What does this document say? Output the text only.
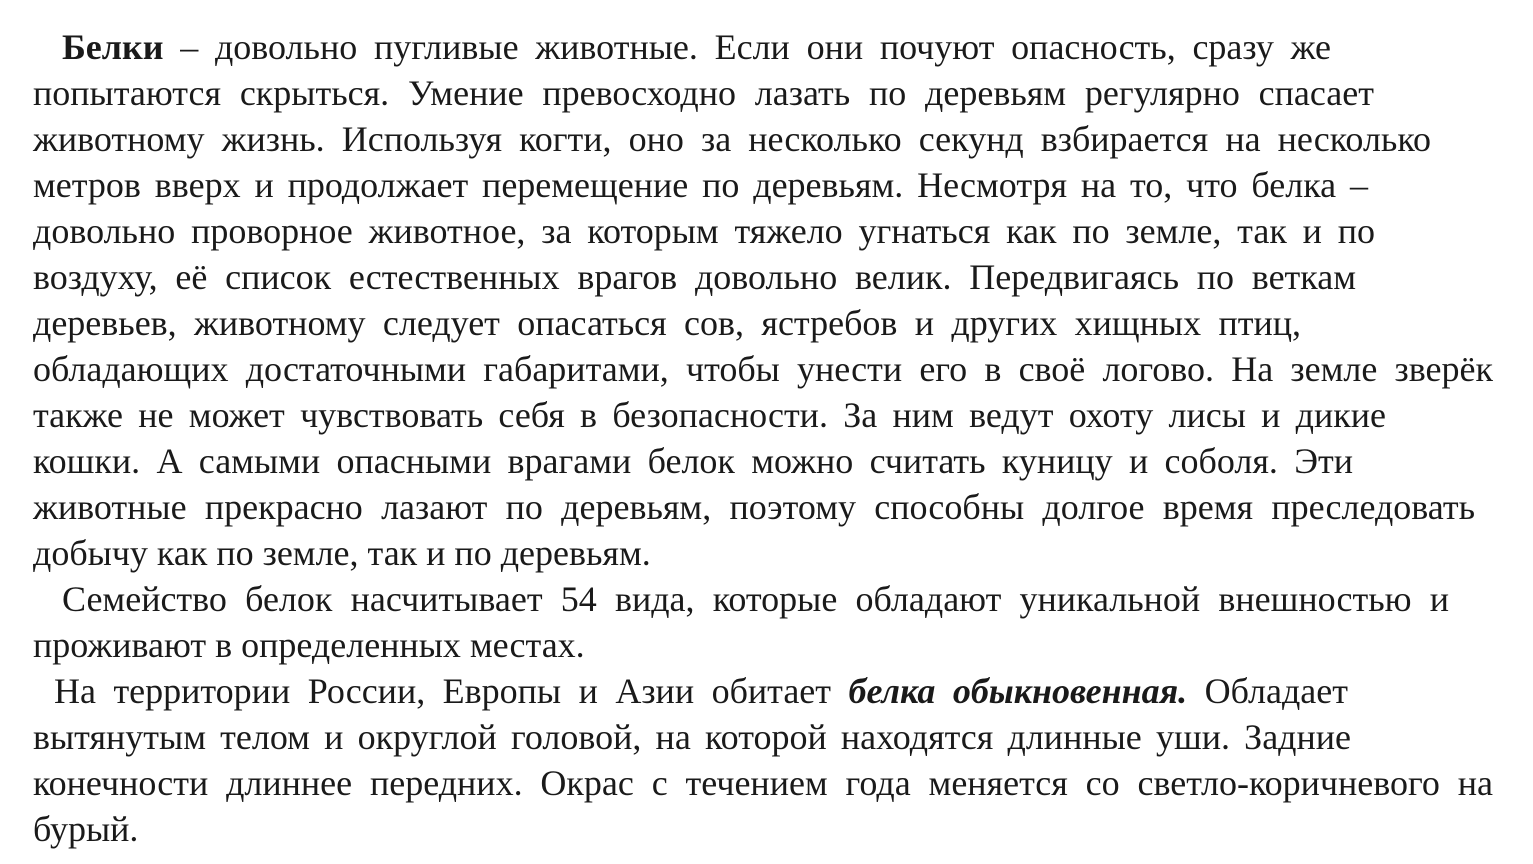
Белки – довольно пугливые животные. Если они почуют опасность, сразу же
попытаются скрыться. Умение превосходно лазать по деревьям регулярно спасает
животному жизнь. Используя когти, оно за несколько секунд взбирается на несколько
метров вверх и продолжает перемещение по деревьям. Несмотря на то, что белка –
довольно проворное животное, за которым тяжело угнаться как по земле, так и по
воздуху, её список естественных врагов довольно велик. Передвигаясь по веткам
деревьев, животному следует опасаться сов, ястребов и других хищных птиц,
обладающих достаточными габаритами, чтобы унести его в своё логово. На земле зверёк
также не может чувствовать себя в безопасности. За ним ведут охоту лисы и дикие
кошки. А самыми опасными врагами белок можно считать куницу и соболя. Эти
животные прекрасно лазают по деревьям, поэтому способны долгое время преследовать
добычу как по земле, так и по деревьям.
Семейство белок насчитывает 54 вида, которые обладают уникальной внешностью и
проживают в определенных местах.
На территории России, Европы и Азии обитает белка обыкновенная. Обладает
вытянутым телом и округлой головой, на которой находятся длинные уши. Задние
конечности длиннее передних. Окрас с течением года меняется со светло-коричневого на
бурый.
